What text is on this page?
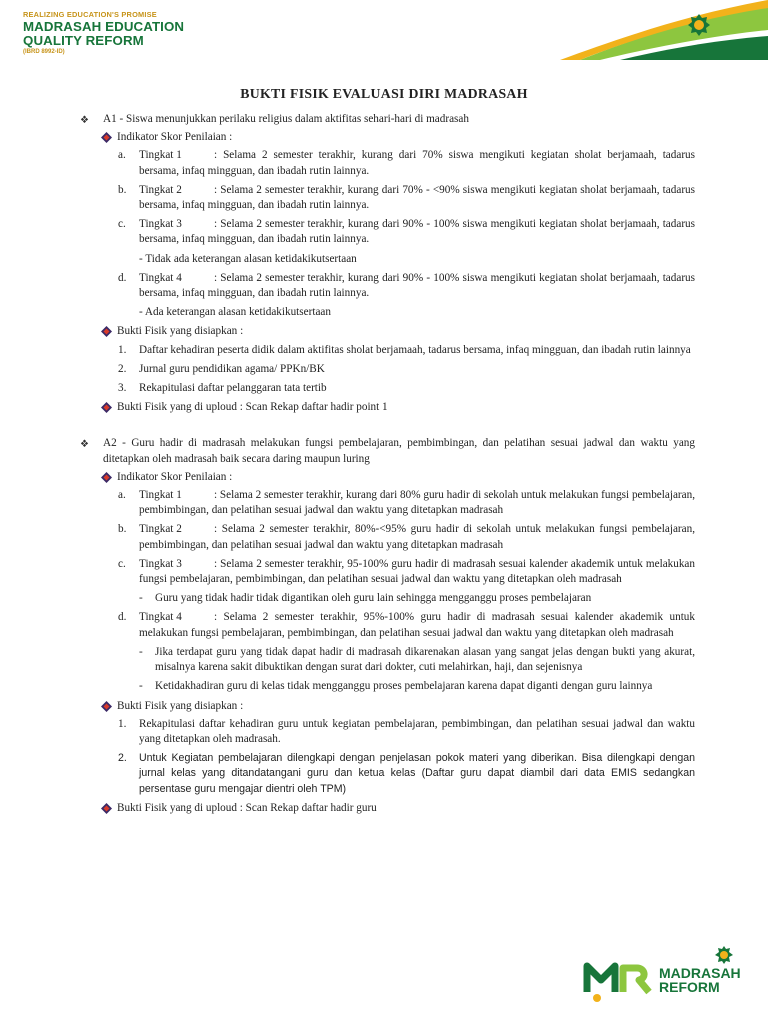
REALIZING EDUCATION'S PROMISE
MADRASAH EDUCATION
QUALITY REFORM
(IBRD 8992-ID)
BUKTI FISIK EVALUASI DIRI MADRASAH
❖ A1 - Siswa menunjukkan perilaku religius dalam aktifitas sehari-hari di madrasah
Indikator Skor Penilaian :
a. Tingkat 1	: Selama 2 semester terakhir, kurang dari 70% siswa mengikuti kegiatan sholat berjamaah, tadarus bersama, infaq mingguan, dan ibadah rutin lainnya.
b. Tingkat 2	: Selama 2 semester terakhir, kurang dari 70% - <90% siswa mengikuti kegiatan sholat berjamaah, tadarus bersama, infaq mingguan, dan ibadah rutin lainnya.
c. Tingkat 3	: Selama 2 semester terakhir, kurang dari 90% - 100% siswa mengikuti kegiatan sholat berjamaah, tadarus bersama, infaq mingguan, dan ibadah rutin lainnya.
- Tidak ada keterangan alasan ketidakikutsertaan
d. Tingkat 4	: Selama 2 semester terakhir, kurang dari 90% - 100% siswa mengikuti kegiatan sholat berjamaah, tadarus bersama, infaq mingguan, dan ibadah rutin lainnya.
- Ada keterangan alasan ketidakikutsertaan
Bukti Fisik yang disiapkan :
1. Daftar kehadiran peserta didik dalam aktifitas sholat berjamaah, tadarus bersama, infaq mingguan, dan ibadah rutin lainnya
2. Jurnal guru pendidikan agama/ PPKn/BK
3. Rekapitulasi daftar pelanggaran tata tertib
Bukti Fisik yang di uploud : Scan Rekap daftar hadir point 1
❖ A2 - Guru hadir di madrasah melakukan fungsi pembelajaran, pembimbingan, dan pelatihan sesuai jadwal dan waktu yang ditetapkan oleh madrasah baik secara daring maupun luring
Indikator Skor Penilaian :
a. Tingkat 1	: Selama 2 semester terakhir, kurang dari 80% guru hadir di sekolah untuk melakukan fungsi pembelajaran, pembimbingan, dan pelatihan sesuai jadwal dan waktu yang ditetapkan madrasah
b. Tingkat 2	: Selama 2 semester terakhir, 80%-<95% guru hadir di sekolah untuk melakukan fungsi pembelajaran, pembimbingan, dan pelatihan sesuai jadwal dan waktu yang ditetapkan madrasah
c. Tingkat 3	: Selama 2 semester terakhir, 95-100% guru hadir di madrasah sesuai kalender akademik untuk melakukan fungsi pembelajaran, pembimbingan, dan pelatihan sesuai jadwal dan waktu yang ditetapkan oleh madrasah
- Guru yang tidak hadir tidak digantikan oleh guru lain sehingga mengganggu proses pembelajaran
d. Tingkat 4	: Selama 2 semester terakhir, 95%-100% guru hadir di madrasah sesuai kalender akademik untuk melakukan fungsi pembelajaran, pembimbingan, dan pelatihan sesuai jadwal dan waktu yang ditetapkan oleh madrasah
- Jika terdapat guru yang tidak dapat hadir di madrasah dikarenakan alasan yang sangat jelas dengan bukti yang akurat, misalnya karena sakit dibuktikan dengan surat dari dokter, cuti melahirkan, haji, dan sejenisnya
- Ketidakhadiran guru di kelas tidak mengganggu proses pembelajaran karena dapat diganti dengan guru lainnya
Bukti Fisik yang disiapkan :
1. Rekapitulasi daftar kehadiran guru untuk kegiatan pembelajaran, pembimbingan, dan pelatihan sesuai jadwal dan waktu yang ditetapkan oleh madrasah.
2. Untuk Kegiatan pembelajaran dilengkapi dengan penjelasan pokok materi yang diberikan. Bisa dilengkapi dengan jurnal kelas yang ditandatangani guru dan ketua kelas (Daftar guru dapat diambil dari data EMIS sedangkan persentase guru mengajar dientri oleh TPM)
Bukti Fisik yang di uploud : Scan Rekap daftar hadir guru
MADRASAH
REFORM
